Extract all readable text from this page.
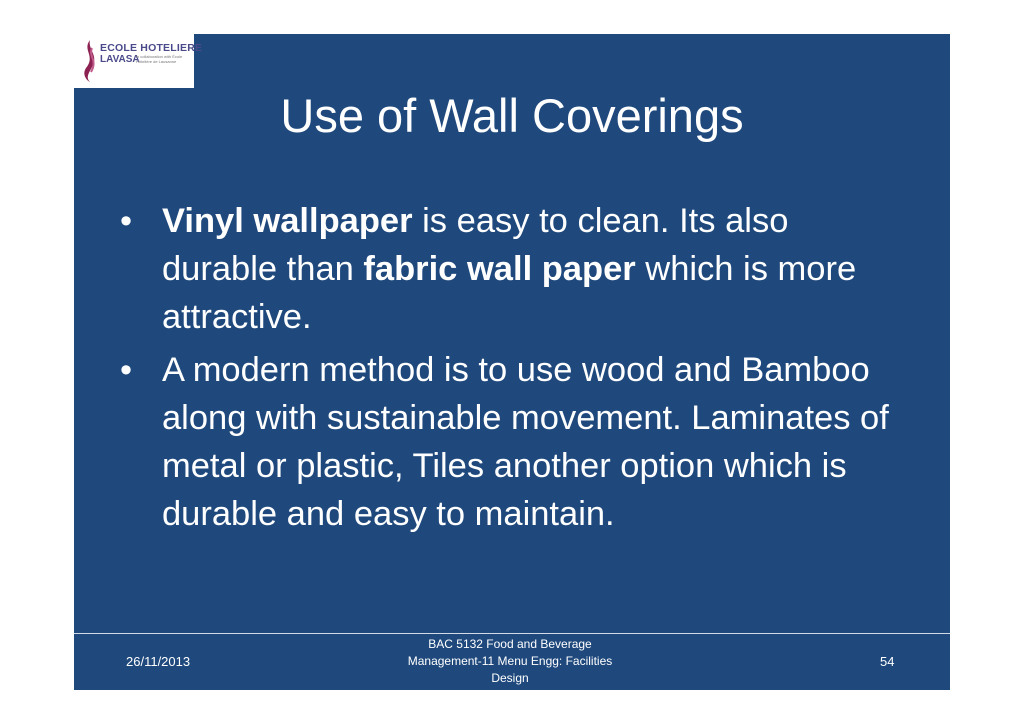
ECOLE HOTELIERE
LAVASA
in collaboration with École Hôtelière de Lausanne
Use of Wall Coverings
• Vinyl wallpaper is easy to clean. Its also durable than fabric wall paper which is more attractive.
• A modern method is to use wood and Bamboo along with sustainable movement. Laminates of metal or plastic, Tiles another option which is durable and easy to maintain.
26/11/2013
BAC 5132 Food and Beverage
Management-11 Menu Engg: Facilities
Design
54
